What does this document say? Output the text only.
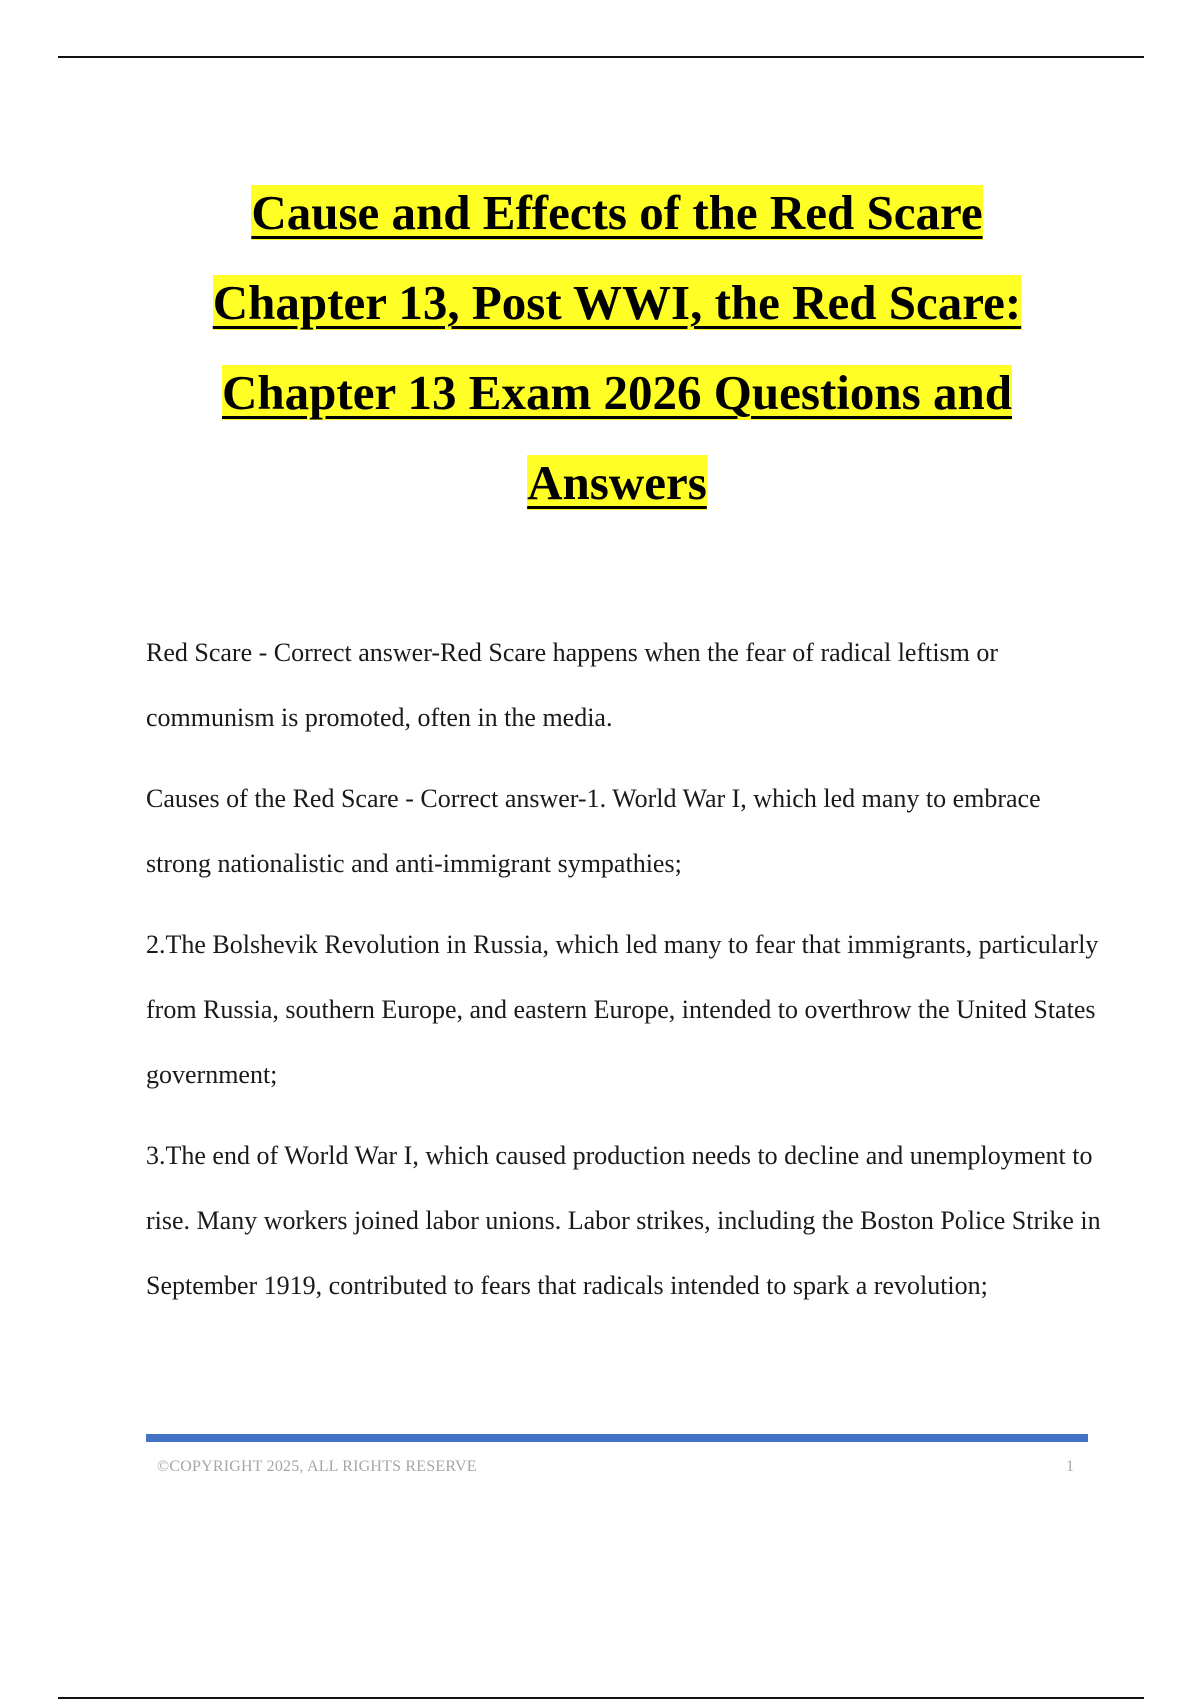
Cause and Effects of the Red Scare
Chapter 13, Post WWI, the Red Scare:
Chapter 13 Exam 2026 Questions and
Answers

Red Scare - Correct answer-Red Scare happens when the fear of radical leftism or communism is promoted, often in the media.

Causes of the Red Scare - Correct answer-1. World War I, which led many to embrace strong nationalistic and anti-immigrant sympathies;

2.The Bolshevik Revolution in Russia, which led many to fear that immigrants, particularly from Russia, southern Europe, and eastern Europe, intended to overthrow the United States government;

3.The end of World War I, which caused production needs to decline and unemployment to rise. Many workers joined labor unions. Labor strikes, including the Boston Police Strike in September 1919, contributed to fears that radicals intended to spark a revolution;

©COPYRIGHT 2025, ALL RIGHTS RESERVE	1
